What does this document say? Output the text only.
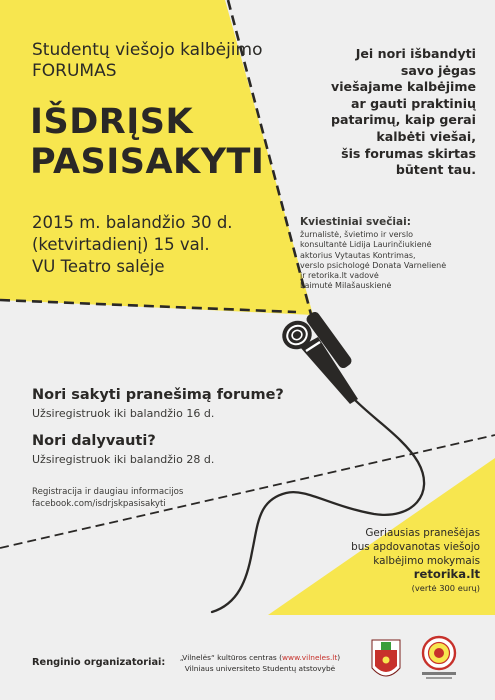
Studentų viešojo kalbėjimo
FORUMAS
IŠDRĮSK
PASISAKYTI
2015 m. balandžio 30 d.
(ketvirtadienį) 15 val.
VU Teatro salėje
Jei nori išbandyti
savo jėgas
viešajame kalbėjime
ar gauti praktinių
patarimų, kaip gerai
kalbėti viešai,
šis forumas skirtas
būtent tau.
Kviestiniai svečiai:
žurnalistė, švietimo ir verslo
konsultantė Lidija Laurinčiukienė
aktorius Vytautas Kontrimas,
verslo psichologė Donata Varnelienė
ir retorika.lt vadovė
Laimutė Milašauskienė
Nori sakyti pranešimą forume?
Užsiregistruok iki balandžio 16 d.
Nori dalyvauti?
Užsiregistruok iki balandžio 28 d.
Registracija ir daugiau informacijos
facebook.com/isdrjskpasisakyti
Geriausias pranešėjas
bus apdovanotas viešojo
kalbėjimo mokymais
retorika.lt
(vertė 300 eurų)
Renginio organizatoriai:	„Vilnelės“ kultūros centras (www.vilneles.lt)
Vilniaus universiteto Studentų atstovybė
